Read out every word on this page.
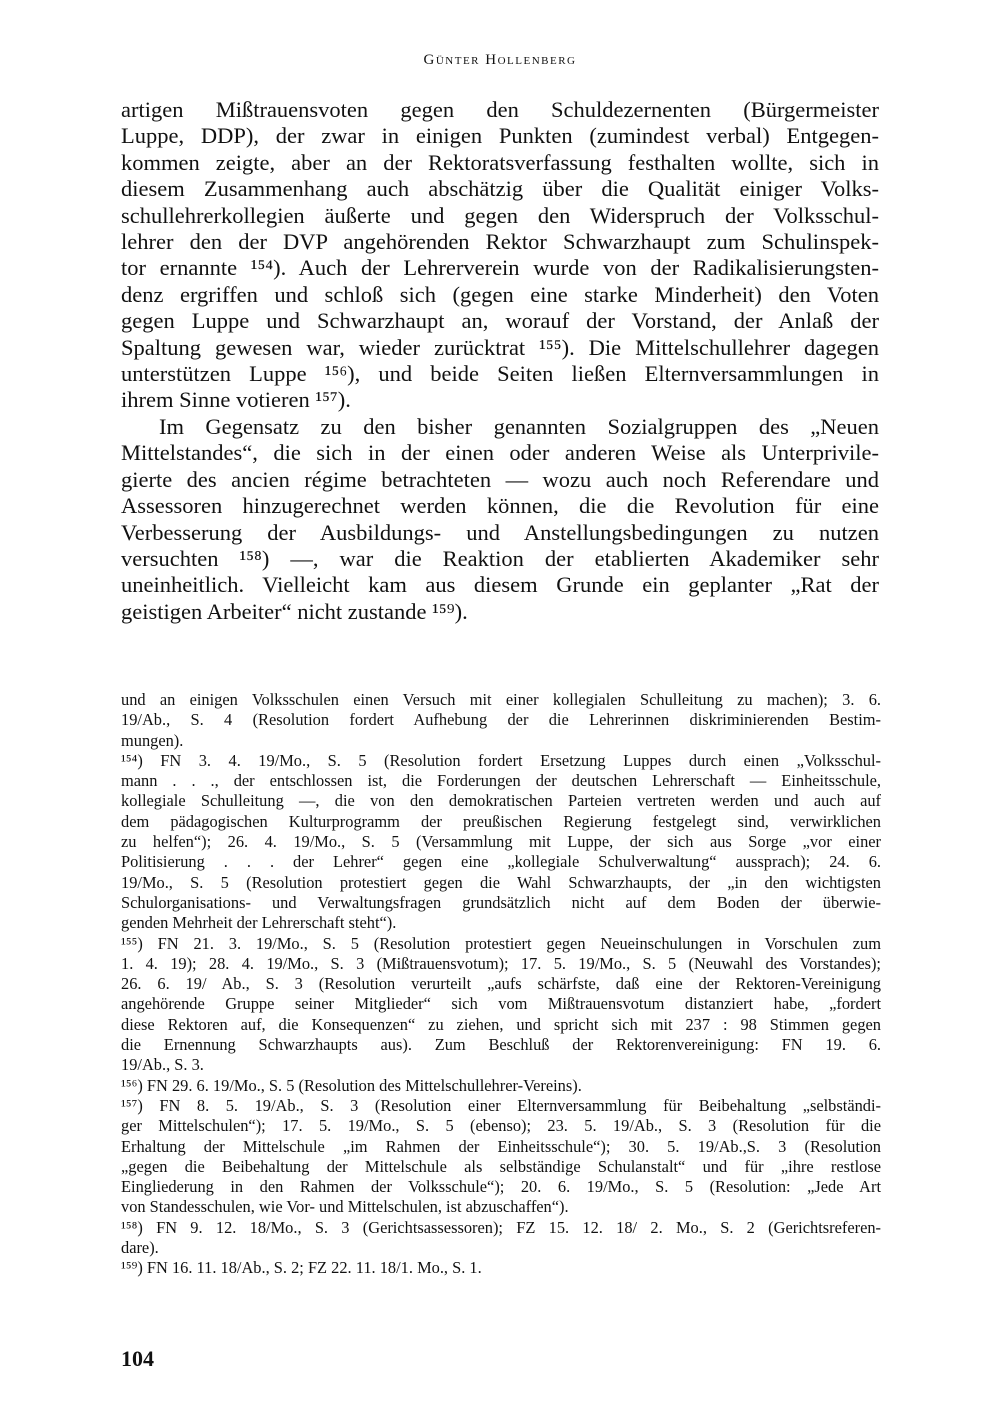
Günter Hollenberg
artigen Mißtrauensvoten gegen den Schuldezernenten (Bürgermeister
Luppe, DDP), der zwar in einigen Punkten (zumindest verbal) Entgegen-
kommen zeigte, aber an der Rektoratsverfassung festhalten wollte, sich in
diesem Zusammenhang auch abschätzig über die Qualität einiger Volks-
schullehrerkollegien äußerte und gegen den Widerspruch der Volksschul-
lehrer den der DVP angehörenden Rektor Schwarzhaupt zum Schulinspek-
tor ernannte ¹⁵⁴). Auch der Lehrerverein wurde von der Radikalisierungsten-
denz ergriffen und schloß sich (gegen eine starke Minderheit) den Voten
gegen Luppe und Schwarzhaupt an, worauf der Vorstand, der Anlaß der
Spaltung gewesen war, wieder zurücktrat ¹⁵⁵). Die Mittelschullehrer dagegen
unterstützen Luppe ¹⁵⁶), und beide Seiten ließen Elternversammlungen in
ihrem Sinne votieren ¹⁵⁷).
Im Gegensatz zu den bisher genannten Sozialgruppen des „Neuen
Mittelstandes“, die sich in der einen oder anderen Weise als Unterprivile-
gierte des ancien régime betrachteten — wozu auch noch Referendare und
Assessoren hinzugerechnet werden können, die die Revolution für eine
Verbesserung der Ausbildungs- und Anstellungsbedingungen zu nutzen
versuchten ¹⁵⁸) —, war die Reaktion der etablierten Akademiker sehr
uneinheitlich. Vielleicht kam aus diesem Grunde ein geplanter „Rat der
geistigen Arbeiter“ nicht zustande ¹⁵⁹).
und an einigen Volksschulen einen Versuch mit einer kollegialen Schulleitung zu machen); 3. 6.
19/Ab., S. 4 (Resolution fordert Aufhebung der die Lehrerinnen diskriminierenden Bestim-
mungen).
¹⁵⁴) FN 3. 4. 19/Mo., S. 5 (Resolution fordert Ersetzung Luppes durch einen „Volksschul-
mann . . ., der entschlossen ist, die Forderungen der deutschen Lehrerschaft — Einheitsschule,
kollegiale Schulleitung —, die von den demokratischen Parteien vertreten werden und auch auf
dem pädagogischen Kulturprogramm der preußischen Regierung festgelegt sind, verwirklichen
zu helfen“); 26. 4. 19/Mo., S. 5 (Versammlung mit Luppe, der sich aus Sorge „vor einer
Politisierung . . . der Lehrer“ gegen eine „kollegiale Schulverwaltung“ aussprach); 24. 6.
19/Mo., S. 5 (Resolution protestiert gegen die Wahl Schwarzhaupts, der „in den wichtigsten
Schulorganisations- und Verwaltungsfragen grundsätzlich nicht auf dem Boden der überwie-
genden Mehrheit der Lehrerschaft steht“).
¹⁵⁵) FN 21. 3. 19/Mo., S. 5 (Resolution protestiert gegen Neueinschulungen in Vorschulen zum
1. 4. 19); 28. 4. 19/Mo., S. 3 (Mißtrauensvotum); 17. 5. 19/Mo., S. 5 (Neuwahl des Vorstandes);
26. 6. 19/ Ab., S. 3 (Resolution verurteilt „aufs schärfste, daß eine der Rektoren-Vereinigung
angehörende Gruppe seiner Mitglieder“ sich vom Mißtrauensvotum distanziert habe, „fordert
diese Rektoren auf, die Konsequenzen“ zu ziehen, und spricht sich mit 237 : 98 Stimmen gegen
die Ernennung Schwarzhaupts aus). Zum Beschluß der Rektorenvereinigung: FN 19. 6.
19/Ab., S. 3.
¹⁵⁶) FN 29. 6. 19/Mo., S. 5 (Resolution des Mittelschullehrer-Vereins).
¹⁵⁷) FN 8. 5. 19/Ab., S. 3 (Resolution einer Elternversammlung für Beibehaltung „selbständi-
ger Mittelschulen“); 17. 5. 19/Mo., S. 5 (ebenso); 23. 5. 19/Ab., S. 3 (Resolution für die
Erhaltung der Mittelschule „im Rahmen der Einheitsschule“); 30. 5. 19/Ab.,S. 3 (Resolution
„gegen die Beibehaltung der Mittelschule als selbständige Schulanstalt“ und für „ihre restlose
Eingliederung in den Rahmen der Volksschule“); 20. 6. 19/Mo., S. 5 (Resolution: „Jede Art
von Standesschulen, wie Vor- und Mittelschulen, ist abzuschaffen“).
¹⁵⁸) FN 9. 12. 18/Mo., S. 3 (Gerichtsassessoren); FZ 15. 12. 18/ 2. Mo., S. 2 (Gerichtsreferen-
dare).
¹⁵⁹) FN 16. 11. 18/Ab., S. 2; FZ 22. 11. 18/1. Mo., S. 1.
104
